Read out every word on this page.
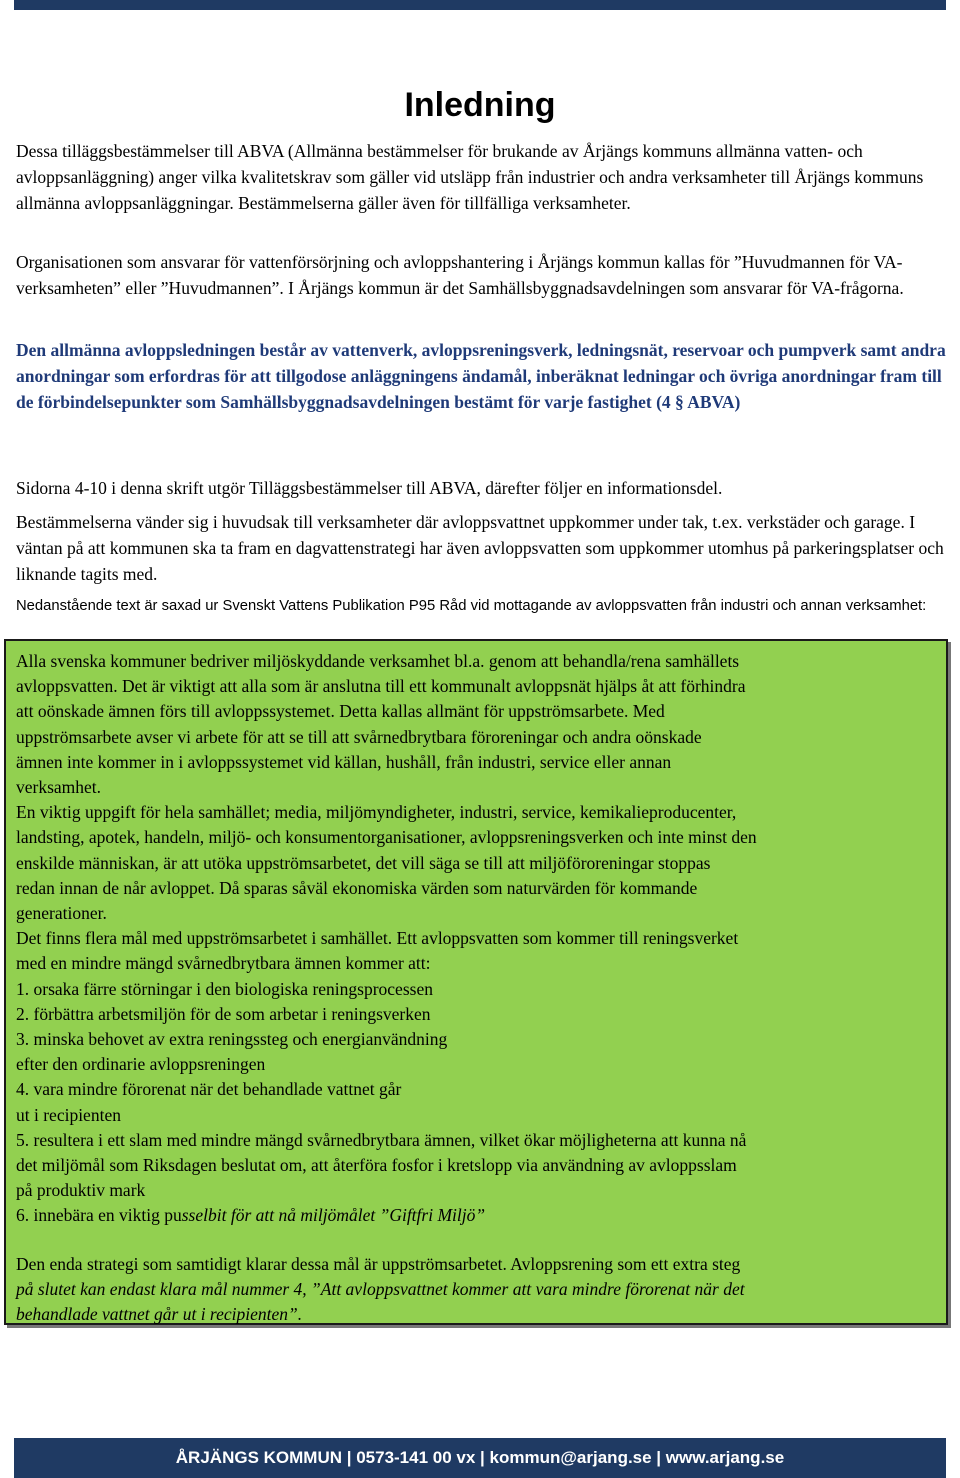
Inledning

Dessa tilläggsbestämmelser till ABVA (Allmänna bestämmelser för brukande av Årjängs kommuns allmänna vatten- och avloppsanläggning) anger vilka kvalitetskrav som gäller vid utsläpp från industrier och andra verksamheter till Årjängs kommuns allmänna avloppsanläggningar. Bestämmelserna gäller även för tillfälliga verksamheter.

Organisationen som ansvarar för vattenförsörjning och avloppshantering i Årjängs kommun kallas för ”Huvudmannen för VA-verksamheten” eller ”Huvudmannen”. I Årjängs kommun är det Samhällsbyggnadsavdelningen som ansvarar för VA-frågorna.

Den allmänna avloppsledningen består av vattenverk, avloppsreningsverk, ledningsnät, reservoar och pumpverk samt andra anordningar som erfordras för att tillgodose anläggningens ändamål, inberäknat ledningar och övriga anordningar fram till de förbindelsepunkter som Samhällsbyggnadsavdelningen bestämt för varje fastighet (4 § ABVA)

Sidorna 4-10 i denna skrift utgör Tilläggsbestämmelser till ABVA, därefter följer en informationsdel.

Bestämmelserna vänder sig i huvudsak till verksamheter där avloppsvattnet uppkommer under tak, t.ex. verkstäder och garage. I väntan på att kommunen ska ta fram en dagvattenstrategi har även avloppsvatten som uppkommer utomhus på parkeringsplatser och liknande tagits med.

Nedanstående text är saxad ur Svenskt Vattens Publikation P95 Råd vid mottagande av avloppsvatten från industri och annan verksamhet:

Alla svenska kommuner bedriver miljöskyddande verksamhet bl.a. genom att behandla/rena samhällets
avloppsvatten. Det är viktigt att alla som är anslutna till ett kommunalt avloppsnät hjälps åt att förhindra
att oönskade ämnen förs till avloppssystemet. Detta kallas allmänt för uppströmsarbete. Med
uppströmsarbete avser vi arbete för att se till att svårnedbrytbara föroreningar och andra oönskade
ämnen inte kommer in i avloppssystemet vid källan, hushåll, från industri, service eller annan
verksamhet.
En viktig uppgift för hela samhället; media, miljömyndigheter, industri, service, kemikalieproducenter,
landsting, apotek, handeln, miljö- och konsumentorganisationer, avloppsreningsverken och inte minst den
enskilde människan, är att utöka uppströmsarbetet, det vill säga se till att miljöföroreningar stoppas
redan innan de når avloppet. Då sparas såväl ekonomiska värden som naturvärden för kommande
generationer.
Det finns flera mål med uppströmsarbetet i samhället. Ett avloppsvatten som kommer till reningsverket
med en mindre mängd svårnedbrytbara ämnen kommer att:
1. orsaka färre störningar i den biologiska reningsprocessen
2. förbättra arbetsmiljön för de som arbetar i reningsverken
3. minska behovet av extra reningssteg och energianvändning
efter den ordinarie avloppsreningen
4. vara mindre förorenat när det behandlade vattnet går
ut i recipienten
5. resultera i ett slam med mindre mängd svårnedbrytbara ämnen, vilket ökar möjligheterna att kunna nå
det miljömål som Riksdagen beslutat om, att återföra fosfor i kretslopp via användning av avloppsslam
på produktiv mark
6. innebära en viktig pusselbit för att nå miljömålet ”Giftfri Miljö”
Den enda strategi som samtidigt klarar dessa mål är uppströmsarbetet. Avloppsrening som ett extra steg
på slutet kan endast klara mål nummer 4, ”Att avloppsvattnet kommer att vara mindre förorenat när det
behandlade vattnet går ut i recipienten”.
ÅRJÄNGS KOMMUN | 0573-141 00 vx | kommun@arjang.se | www.arjang.se
